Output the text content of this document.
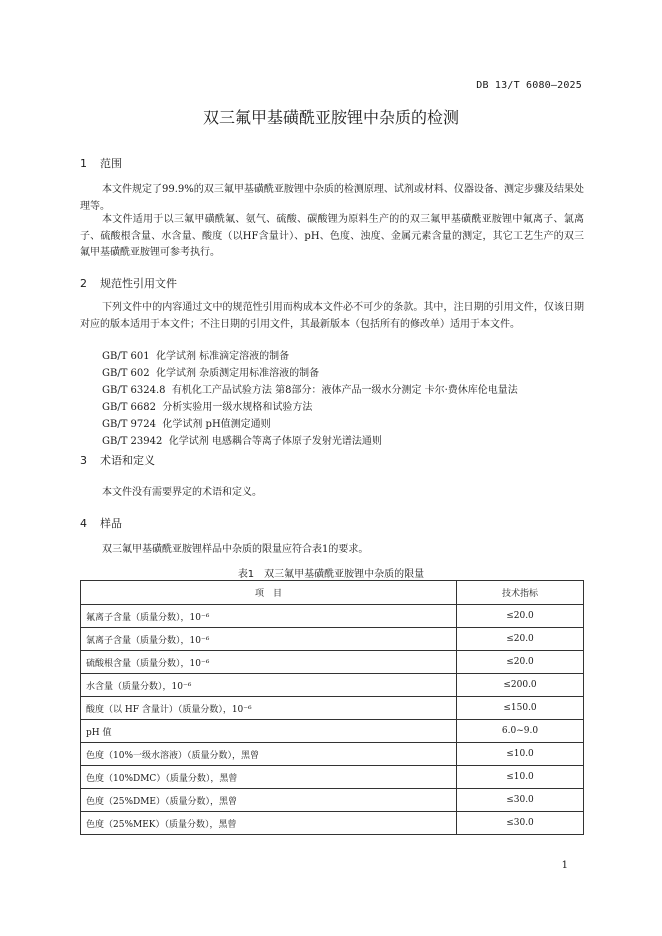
DB 13/T 6080—2025
双三氟甲基磺酰亚胺锂中杂质的检测
1 范围
本文件规定了99.9%的双三氟甲基磺酰亚胺锂中杂质的检测原理、试剂或材料、仪器设备、测定步骤及结果处理等。
本文件适用于以三氟甲磺酰氟、氨气、硫酸、碳酸锂为原料生产的的双三氟甲基磺酰亚胺锂中氟离子、氯离子、硫酸根含量、水含量、酸度（以HF含量计）、pH、色度、浊度、金属元素含量的测定，其它工艺生产的双三氟甲基磺酰亚胺锂可参考执行。
2 规范性引用文件
下列文件中的内容通过文中的规范性引用而构成本文件必不可少的条款。其中，注日期的引用文件，仅该日期对应的版本适用于本文件；不注日期的引用文件，其最新版本（包括所有的修改单）适用于本文件。
GB/T 601  化学试剂 标准滴定溶液的制备
GB/T 602  化学试剂 杂质测定用标准溶液的制备
GB/T 6324.8  有机化工产品试验方法 第8部分：液体产品一级水分测定 卡尔·费休库伦电量法
GB/T 6682  分析实验用一级水规格和试验方法
GB/T 9724  化学试剂 pH值测定通则
GB/T 23942  化学试剂 电感耦合等离子体原子发射光谱法通则
3 术语和定义
本文件没有需要界定的术语和定义。
4 样品
双三氟甲基磺酰亚胺锂样品中杂质的限量应符合表1的要求。
表1　双三氟甲基磺酰亚胺锂中杂质的限量
项　目	技术指标
氟离子含量（质量分数），10⁻⁶	≤20.0
氯离子含量（质量分数），10⁻⁶	≤20.0
硫酸根含量（质量分数），10⁻⁶	≤20.0
水含量（质量分数），10⁻⁶	≤200.0
酸度（以 HF 含量计）（质量分数），10⁻⁶	≤150.0
pH 值	6.0~9.0
色度（10%一级水溶液）（质量分数），黑曾	≤10.0
色度（10%DMC）（质量分数），黑曾	≤10.0
色度（25%DME）（质量分数），黑曾	≤30.0
色度（25%MEK）（质量分数），黑曾	≤30.0
1
